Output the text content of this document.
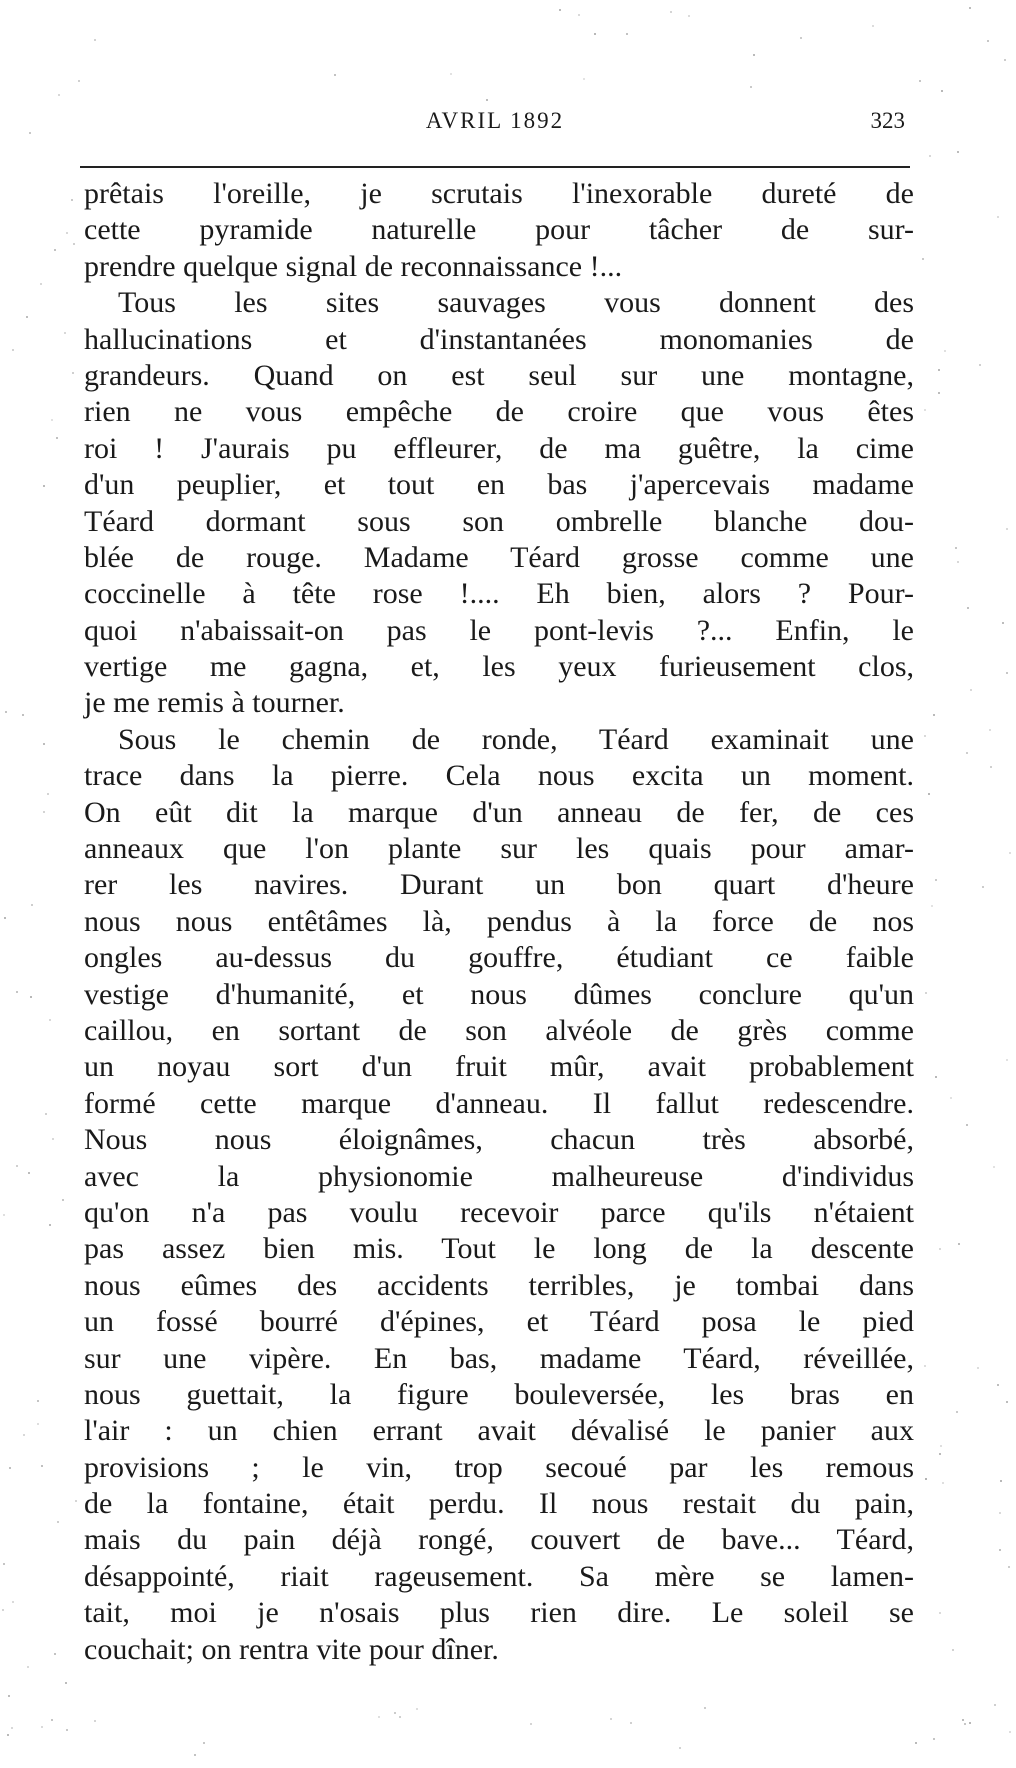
AVRIL 1892	323
prêtais l'oreille, je scrutais l'inexorable dureté de
cette pyramide naturelle pour tâcher de sur-
prendre quelque signal de reconnaissance !...
Tous les sites sauvages vous donnent des
hallucinations et d'instantanées monomanies de
grandeurs. Quand on est seul sur une montagne,
rien ne vous empêche de croire que vous êtes
roi ! J'aurais pu effleurer, de ma guêtre, la cime
d'un peuplier, et tout en bas j'apercevais madame
Téard dormant sous son ombrelle blanche dou-
blée de rouge. Madame Téard grosse comme une
coccinelle à tête rose !.... Eh bien, alors ? Pour-
quoi n'abaissait-on pas le pont-levis ?... Enfin, le
vertige me gagna, et, les yeux furieusement clos,
je me remis à tourner.
Sous le chemin de ronde, Téard examinait une
trace dans la pierre. Cela nous excita un moment.
On eût dit la marque d'un anneau de fer, de ces
anneaux que l'on plante sur les quais pour amar-
rer les navires. Durant un bon quart d'heure
nous nous entêtâmes là, pendus à la force de nos
ongles au-dessus du gouffre, étudiant ce faible
vestige d'humanité, et nous dûmes conclure qu'un
caillou, en sortant de son alvéole de grès comme
un noyau sort d'un fruit mûr, avait probablement
formé cette marque d'anneau. Il fallut redescendre.
Nous nous éloignâmes, chacun très absorbé,
avec la physionomie malheureuse d'individus
qu'on n'a pas voulu recevoir parce qu'ils n'étaient
pas assez bien mis. Tout le long de la descente
nous eûmes des accidents terribles, je tombai dans
un fossé bourré d'épines, et Téard posa le pied
sur une vipère. En bas, madame Téard, réveillée,
nous guettait, la figure bouleversée, les bras en
l'air : un chien errant avait dévalisé le panier aux
provisions ; le vin, trop secoué par les remous
de la fontaine, était perdu. Il nous restait du pain,
mais du pain déjà rongé, couvert de bave... Téard,
désappointé, riait rageusement. Sa mère se lamen-
tait, moi je n'osais plus rien dire. Le soleil se
couchait; on rentra vite pour dîner.
